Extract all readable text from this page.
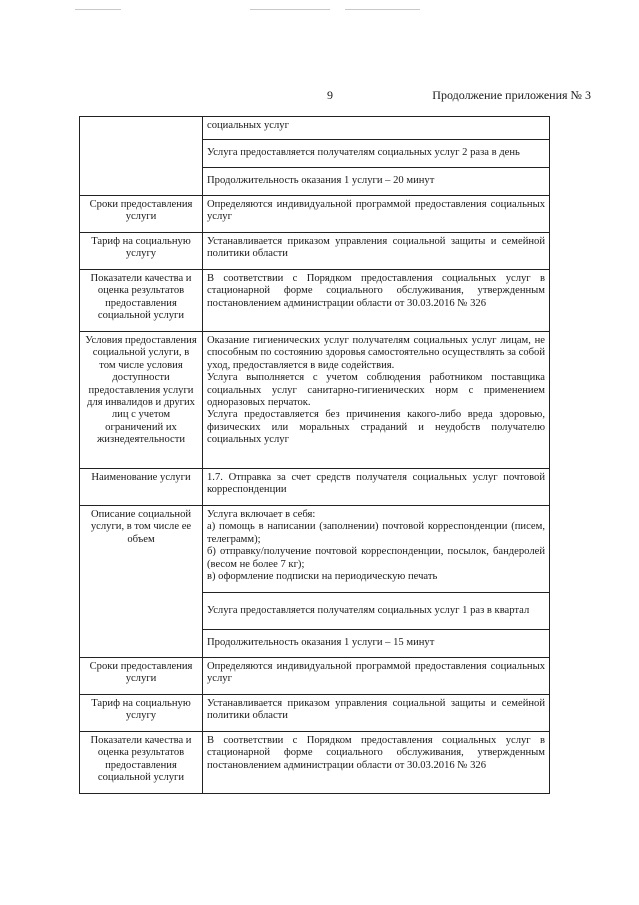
9	Продолжение приложения № 3
	социальных услуг
	Услуга предоставляется получателям социальных услуг 2 раза в день
	Продолжительность оказания 1 услуги – 20 минут
Сроки предоставления услуги	Определяются индивидуальной программой предоставления социальных услуг
Тариф на социальную услугу	Устанавливается приказом управления социальной защиты и семейной политики области
Показатели качества и оценка результатов предоставления социальной услуги	В соответствии с Порядком предоставления социальных услуг в стационарной форме социального обслуживания, утвержденным постановлением администрации области от 30.03.2016 № 326
Условия предоставления социальной услуги, в том числе условия доступности предоставления услуги для инвалидов и других лиц с учетом ограничений их жизнедеятельности	Оказание гигиенических услуг получателям социальных услуг лицам, не способным по состоянию здоровья самостоятельно осуществлять за собой уход, предоставляется в виде содействия.

Услуга выполняется с учетом соблюдения работником поставщика социальных услуг санитарно-гигиенических норм с применением одноразовых перчаток.

Услуга предоставляется без причинения какого-либо вреда здоровью, физических или моральных страданий и неудобств получателю социальных услуг

Наименование услуги	1.7. Отправка за счет средств получателя социальных услуг почтовой корреспонденции
Описание социальной услуги, в том числе ее объем	Услуга включает в себя:

а) помощь в написании (заполнении) почтовой корреспонденции (писем, телеграмм);

б) отправку/получение почтовой корреспонденции, посылок, бандеролей (весом не более 7 кг);

в) оформление подписки на периодическую печать

	Услуга предоставляется получателям социальных услуг 1 раз в квартал
	Продолжительность оказания 1 услуги – 15 минут
Сроки предоставления услуги	Определяются индивидуальной программой предоставления социальных услуг
Тариф на социальную услугу	Устанавливается приказом управления социальной защиты и семейной политики области
Показатели качества и оценка результатов предоставления социальной услуги	В соответствии с Порядком предоставления социальных услуг в стационарной форме социального обслуживания, утвержденным постановлением администрации области от 30.03.2016 № 326
